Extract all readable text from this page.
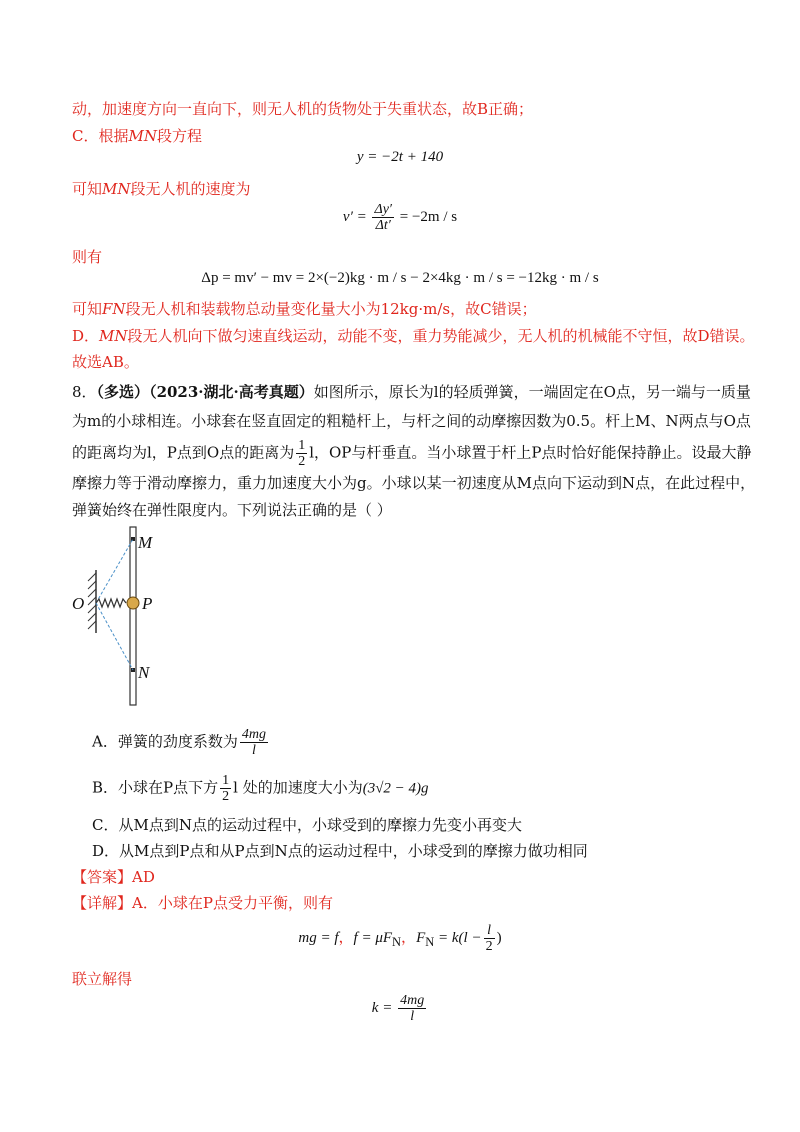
动，加速度方向一直向下，则无人机的货物处于失重状态，故B正确；
C．根据MN段方程
y = −2t + 140
可知MN段无人机的速度为
$v' = \frac{\Delta y'}{\Delta t'} = -2m / s$
则有
Δp = mv′ − mv = 2×(−2)kg · m / s − 2×4kg · m / s = −12kg · m / s
可知FN段无人机和装载物总动量变化量大小为12kg·m/s，故C错误；
D．MN段无人机向下做匀速直线运动，动能不变，重力势能减少，无人机的机械能不守恒，故D错误。
故选AB。
8．（多选）（2023·湖北·高考真题）如图所示，原长为l的轻质弹簧，一端固定在O点，另一端与一质量
为m的小球相连。小球套在竖直固定的粗糙杆上，与杆之间的动摩擦因数为0.5。杆上M、N两点与O点
的距离均为l，P点到O点的距离为 $\frac{1}{2}$ l，OP与杆垂直。当小球置于杆上P点时恰好能保持静止。设最大静
摩擦力等于滑动摩擦力，重力加速度大小为g。小球以某一初速度从M点向下运动到N点，在此过程中，
弹簧始终在弹性限度内。下列说法正确的是（ ）
O	P
M
N
A．弹簧的劲度系数为 $\frac{4mg}{l}$
B．小球在P点下方 $\frac{1}{2}$ l 处的加速度大小为(3√2 − 4)g
C．从M点到N点的运动过程中，小球受到的摩擦力先变小再变大
D．从M点到P点和从P点到N点的运动过程中，小球受到的摩擦力做功相同
【答案】AD
【详解】A．小球在P点受力平衡，则有
mg = f，$f = \mu F_N$，$F_N = k(l - \frac{l}{2}$ )
联立解得
$k = \frac{4mg}{l}$
